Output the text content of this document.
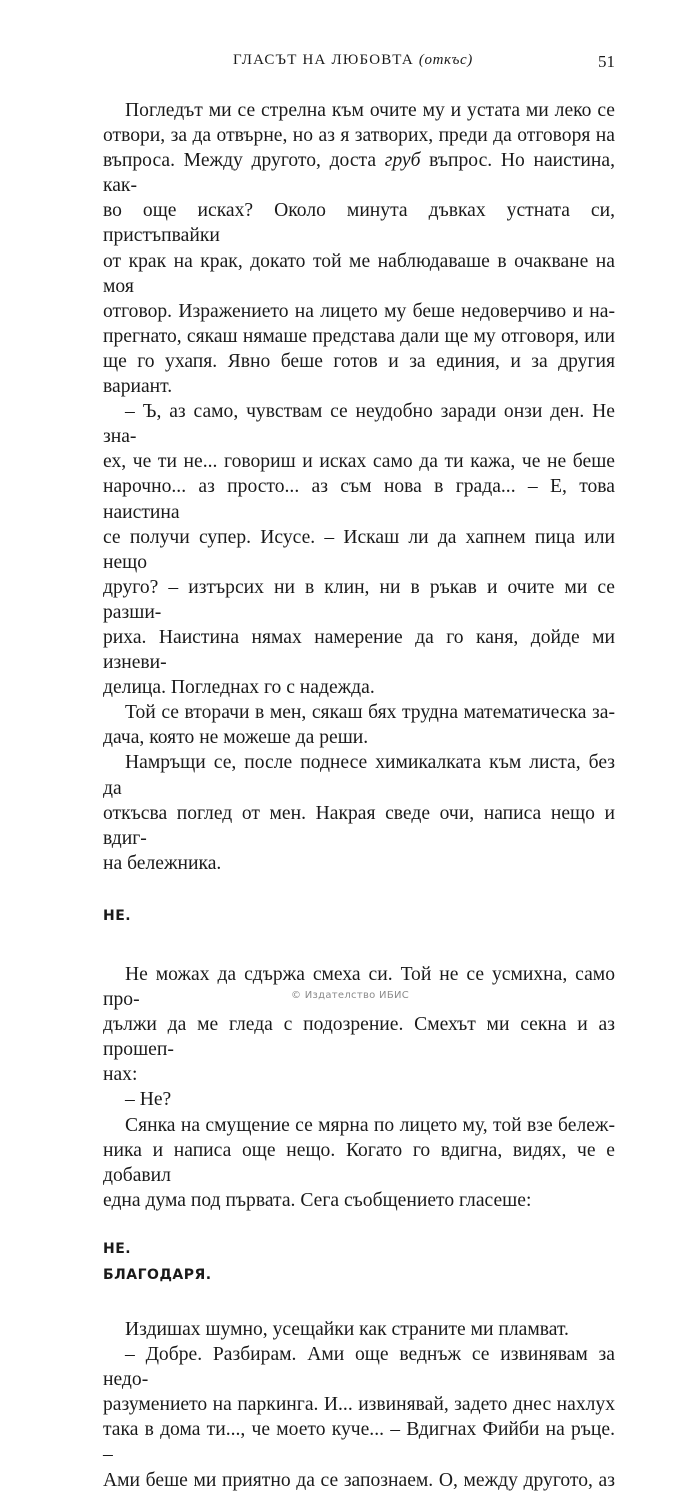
ГЛАСЪТ НА ЛЮБОВТА (откъс)	51

Погледът ми се стрелна към очите му и устата ми леко се

отвори, за да отвърне, но аз я затворих, преди да отговоря на

въпроса. Между другото, доста груб въпрос. Но наистина, как-

во още исках? Около минута дъвках устната си, пристъпвайки

от крак на крак, докато той ме наблюдаваше в очакване на моя

отговор. Изражението на лицето му беше недоверчиво и на-

прегнато, сякаш нямаше представа дали ще му отговоря, или

ще го ухапя. Явно беше готов и за единия, и за другия вариант.

– Ъ, аз само, чувствам се неудобно заради онзи ден. Не зна-

ех, че ти не... говориш и исках само да ти кажа, че не беше

нарочно... аз просто... аз съм нова в града... – Е, това наистина

се получи супер. Исусе. – Искаш ли да хапнем пица или нещо

друго? – изтърсих ни в клин, ни в ръкав и очите ми се разши-

риха. Наистина нямах намерение да го каня, дойде ми изневи-

делица. Погледнах го с надежда.

Той се вторачи в мен, сякаш бях трудна математическа за-

дача, която не можеше да реши.

Намръщи се, после поднесе химикалката към листа, без да

откъсва поглед от мен. Накрая сведе очи, написа нещо и вдиг-

на бележника.

НЕ.

Не можах да сдържа смеха си. Той не се усмихна, само про-

дължи да ме гледа с подозрение. Смехът ми секна и аз прошеп-

нах:

– Не?

Сянка на смущение се мярна по лицето му, той взе бележ-

ника и написа още нещо. Когато го вдигна, видях, че е добавил

една дума под първата. Сега съобщението гласеше:

НЕ.

БЛАГОДАРЯ.

Издишах шумно, усещайки как страните ми пламват.

– Добре. Разбирам. Ами още веднъж се извинявам за недо-

разумението на паркинга. И... извинявай, задето днес нахлух

така в дома ти..., че моето куче... – Вдигнах Фийби на ръце. –

Ами беше ми приятно да се запознаем. О, между другото, аз

© Издателство ИБИС
